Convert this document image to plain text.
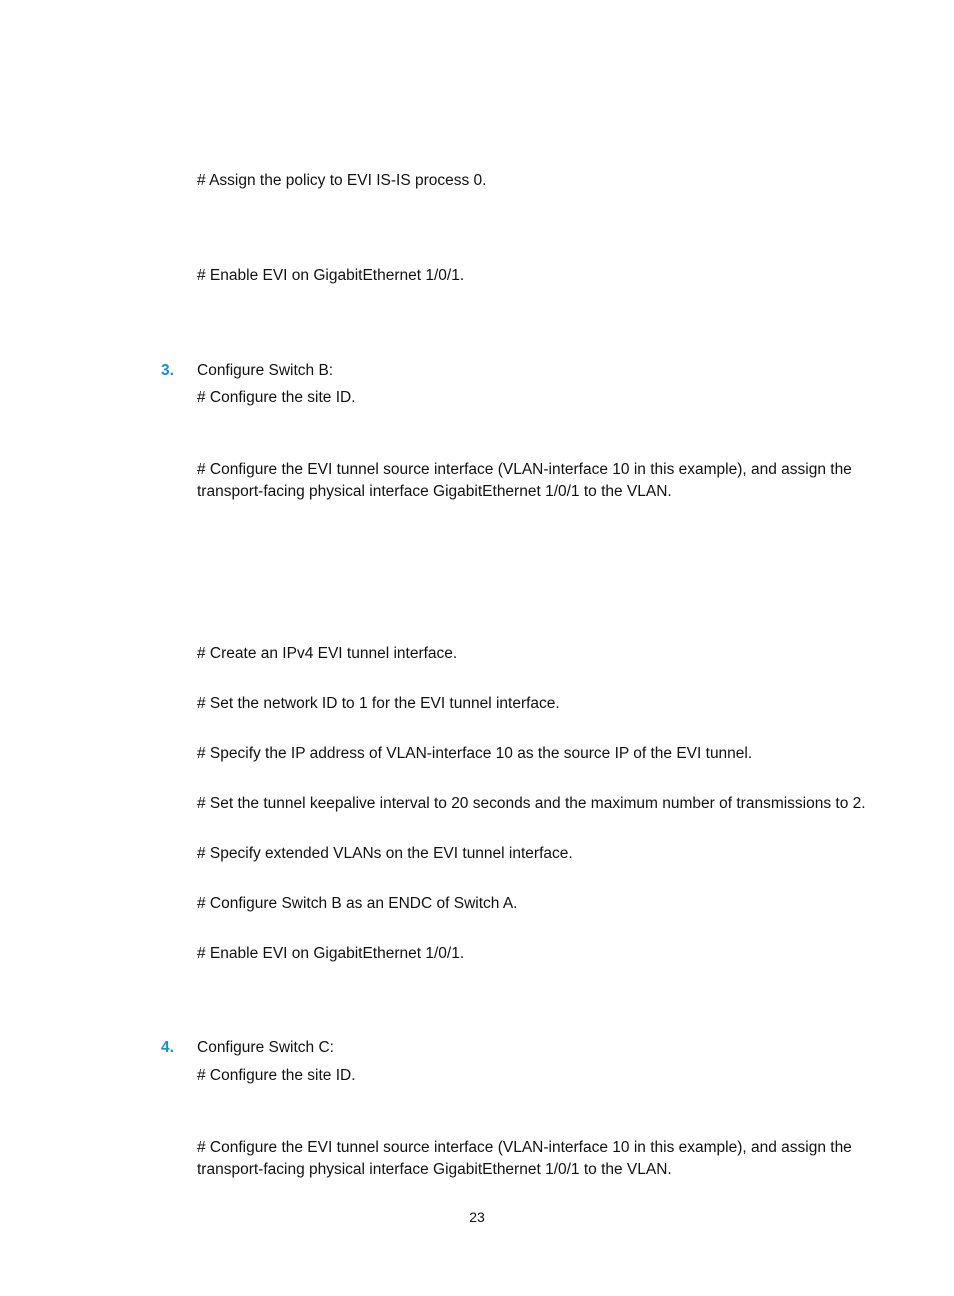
# Assign the policy to EVI IS-IS process 0.

# Enable EVI on GigabitEthernet 1/0/1.

3. Configure Switch B:

# Configure the site ID.

# Configure the EVI tunnel source interface (VLAN-interface 10 in this example), and assign the transport-facing physical interface GigabitEthernet 1/0/1 to the VLAN.

# Create an IPv4 EVI tunnel interface.

# Set the network ID to 1 for the EVI tunnel interface.

# Specify the IP address of VLAN-interface 10 as the source IP of the EVI tunnel.

# Set the tunnel keepalive interval to 20 seconds and the maximum number of transmissions to 2.

# Specify extended VLANs on the EVI tunnel interface.

# Configure Switch B as an ENDC of Switch A.

# Enable EVI on GigabitEthernet 1/0/1.

4. Configure Switch C:

# Configure the site ID.

# Configure the EVI tunnel source interface (VLAN-interface 10 in this example), and assign the transport-facing physical interface GigabitEthernet 1/0/1 to the VLAN.

23
